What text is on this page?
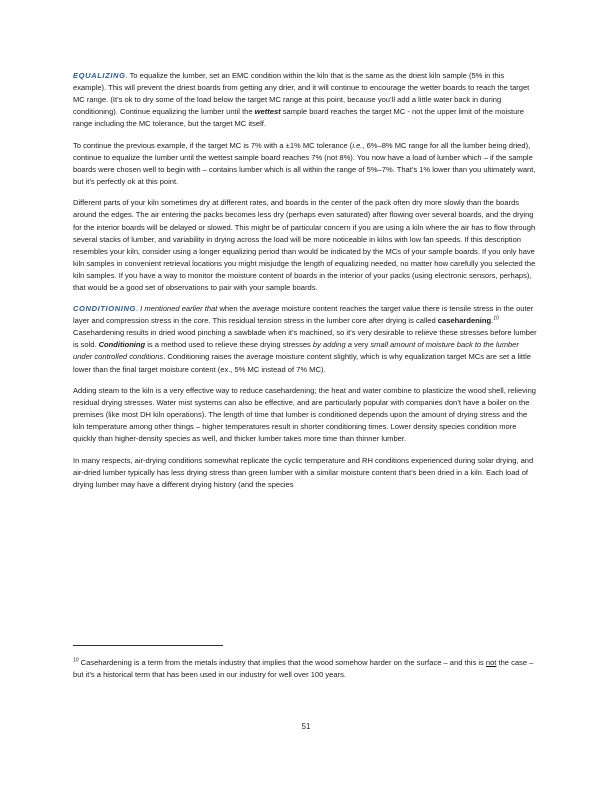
EQUALIZING. To equalize the lumber, set an EMC condition within the kiln that is the same as the driest kiln sample (5% in this example). This will prevent the driest boards from getting any drier, and it will continue to encourage the wetter boards to reach the target MC range. (It’s ok to dry some of the load below the target MC range at this point, because you’ll add a little water back in during conditioning). Continue equalizing the lumber until the wettest sample board reaches the target MC - not the upper limit of the moisture range including the MC tolerance, but the target MC itself.

To continue the previous example, if the target MC is 7% with a ±1% MC tolerance (i.e., 6%–8% MC range for all the lumber being dried), continue to equalize the lumber until the wettest sample board reaches 7% (not 8%). You now have a load of lumber which – if the sample boards were chosen well to begin with – contains lumber which is all within the range of 5%–7%. That’s 1% lower than you ultimately want, but it’s perfectly ok at this point.

Different parts of your kiln sometimes dry at different rates, and boards in the center of the pack often dry more slowly than the boards around the edges. The air entering the packs becomes less dry (perhaps even saturated) after flowing over several boards, and the drying for the interior boards will be delayed or slowed. This might be of particular concern if you are using a kiln where the air has to flow through several stacks of lumber, and variability in drying across the load will be more noticeable in kilns with low fan speeds. If this description resembles your kiln, consider using a longer equalizing period than would be indicated by the MCs of your sample boards. If you only have kiln samples in convenient retrieval locations you might misjudge the length of equalizing needed, no matter how carefully you selected the kiln samples. If you have a way to monitor the moisture content of boards in the interior of your packs (using electronic sensors, perhaps), that would be a good set of observations to pair with your sample boards.

CONDITIONING. I mentioned earlier that when the average moisture content reaches the target value there is tensile stress in the outer layer and compression stress in the core. This residual tension stress in the lumber core after drying is called casehardening.$^{10}$ Casehardening results in dried wood pinching a sawblade when it’s machined, so it’s very desirable to relieve these stresses before lumber is sold. Conditioning is a method used to relieve these drying stresses by adding a very small amount of moisture back to the lumber under controlled conditions. Conditioning raises the average moisture content slightly, which is why equalization target MCs are set a little lower than the final target moisture content (ex., 5% MC instead of 7% MC).

Adding steam to the kiln is a very effective way to reduce casehardening; the heat and water combine to plasticize the wood shell, relieving residual drying stresses. Water mist systems can also be effective, and are particularly popular with companies don’t have a boiler on the premises (like most DH kiln operations). The length of time that lumber is conditioned depends upon the amount of drying stress and the kiln temperature among other things – higher temperatures result in shorter conditioning times. Lower density species condition more quickly than higher-density species as well, and thicker lumber takes more time than thinner lumber.

In many respects, air-drying conditions somewhat replicate the cyclic temperature and RH conditions experienced during solar drying, and air-dried lumber typically has less drying stress than green lumber with a similar moisture content that’s been dried in a kiln. Each load of drying lumber may have a different drying history (and the species

$^{10}$ Casehardening is a term from the metals industry that implies that the wood somehow harder on the surface – and this is not the case – but it’s a historical term that has been used in our industry for well over 100 years.
51
